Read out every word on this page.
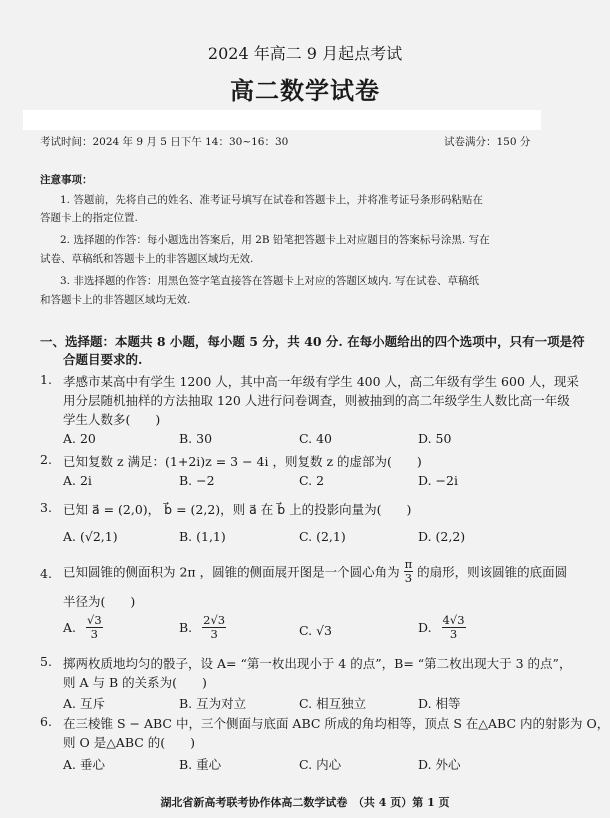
2024 年高二 9 月起点考试
高二数学试卷
考试时间：2024 年 9 月 5 日下午 14：30~16：30	试卷满分：150 分
注意事项：
1. 答题前，先将自己的姓名、准考证号填写在试卷和答题卡上，并将准考证号条形码粘贴在
答题卡上的指定位置.
2. 选择题的作答：每小题选出答案后，用 2B 铅笔把答题卡上对应题目的答案标号涂黑. 写在
试卷、草稿纸和答题卡上的非答题区域均无效.
3. 非选择题的作答：用黑色签字笔直接答在答题卡上对应的答题区域内. 写在试卷、草稿纸
和答题卡上的非答题区域均无效.
一、选择题：本题共 8 小题，每小题 5 分，共 40 分. 在每小题给出的四个选项中，只有一项是符
合题目要求的.
1. 孝感市某高中有学生 1200 人，其中高一年级有学生 400 人，高二年级有学生 600 人，现采
用分层随机抽样的方法抽取 120 人进行问卷调查，则被抽到的高二年级学生人数比高一年级
学生人数多(　　)
A. 20	B. 30	C. 40	D. 50
2. 已知复数 z 满足：(1+2i)z = 3 − 4i ，则复数 z 的虚部为(　　)
A. 2i	B. −2	C. 2	D. −2i
3. 已知 a⃗ = (2,0)， b⃗ = (2,2)，则 a⃗ 在 b⃗ 上的投影向量为(　　)
A. (√2,1)	B. (1,1)	C. (2,1)	D. (2,2)
4. 已知圆锥的侧面积为 2π ，圆锥的侧面展开图是一个圆心角为 $\frac{\pi}{3}$ 的扇形，则该圆锥的底面圆
半径为(　　)
A. $\frac{√3}{3}$	B. $\frac{2√3}{3}$	C. √3	D. $\frac{4√3}{3}$
5. 掷两枚质地均匀的骰子，设 A= “第一枚出现小于 4 的点”，B= “第二枚出现大于 3 的点”，
则 A 与 B 的关系为(　　)
A. 互斥	B. 互为对立	C. 相互独立	D. 相等
6. 在三棱锥 S − ABC 中，三个侧面与底面 ABC 所成的角均相等，顶点 S 在△ABC 内的射影为 O，
则 O 是△ABC 的(　　)
A. 垂心	B. 重心	C. 内心	D. 外心
湖北省新高考联考协作体高二数学试卷　（共 4 页）第 1 页
